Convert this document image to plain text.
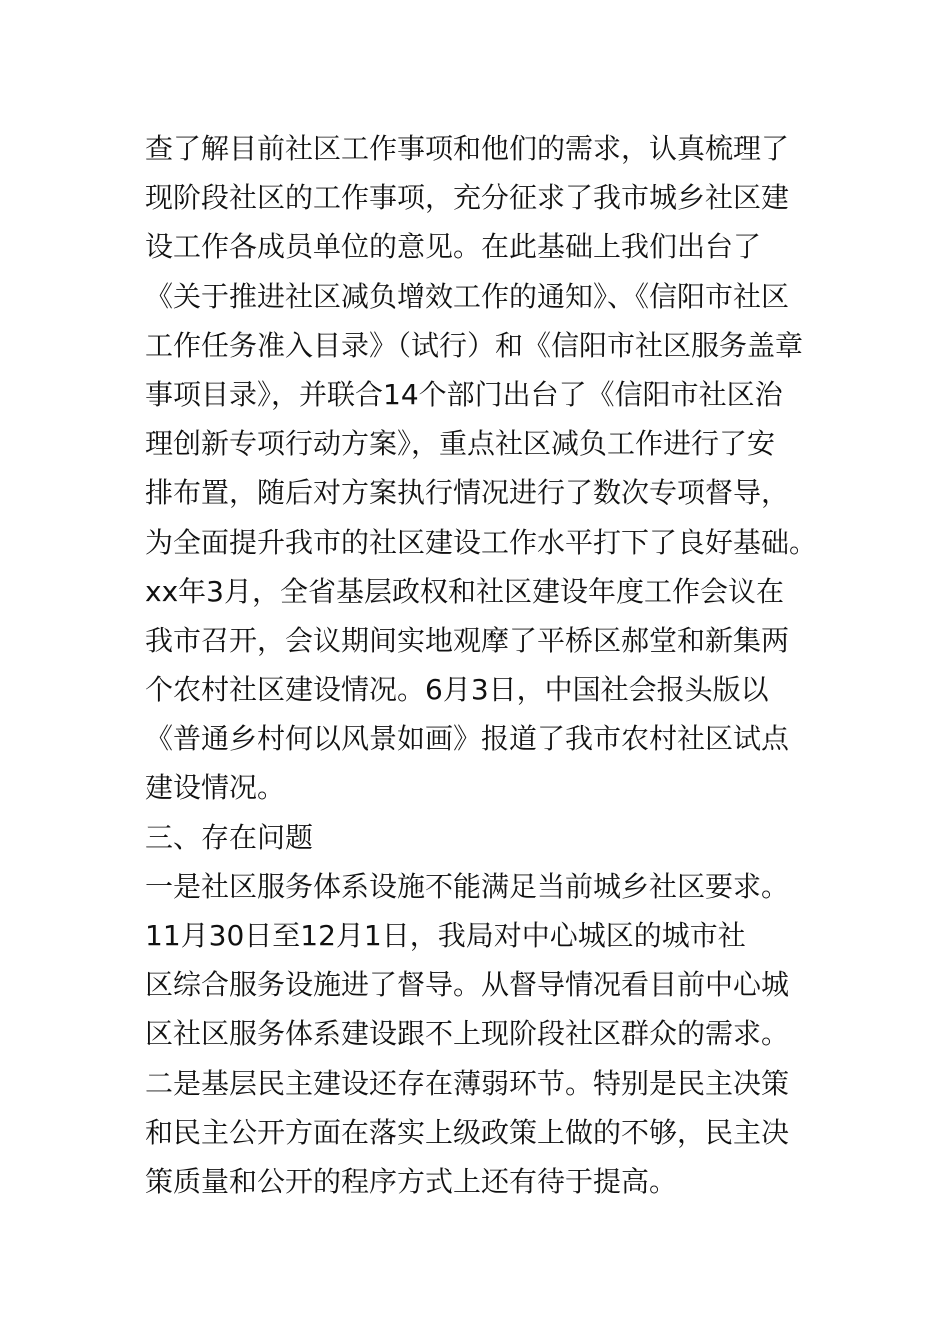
查了解目前社区工作事项和他们的需求，认真梳理了
现阶段社区的工作事项，充分征求了我市城乡社区建
设工作各成员单位的意见。在此基础上我们出台了
《关于推进社区减负增效工作的通知》、《信阳市社区
工作任务准入目录》（试行）和《信阳市社区服务盖章
事项目录》，并联合14个部门出台了《信阳市社区治
理创新专项行动方案》，重点社区减负工作进行了安
排布置，随后对方案执行情况进行了数次专项督导，
为全面提升我市的社区建设工作水平打下了良好基础。
xx年3月，全省基层政权和社区建设年度工作会议在
我市召开，会议期间实地观摩了平桥区郝堂和新集两
个农村社区建设情况。6月3日，中国社会报头版以
《普通乡村何以风景如画》报道了我市农村社区试点
建设情况。
三、存在问题
一是社区服务体系设施不能满足当前城乡社区要求。
11月30日至12月1日，我局对中心城区的城市社
区综合服务设施进了督导。从督导情况看目前中心城
区社区服务体系建设跟不上现阶段社区群众的需求。
二是基层民主建设还存在薄弱环节。特别是民主决策
和民主公开方面在落实上级政策上做的不够，民主决
策质量和公开的程序方式上还有待于提高。
